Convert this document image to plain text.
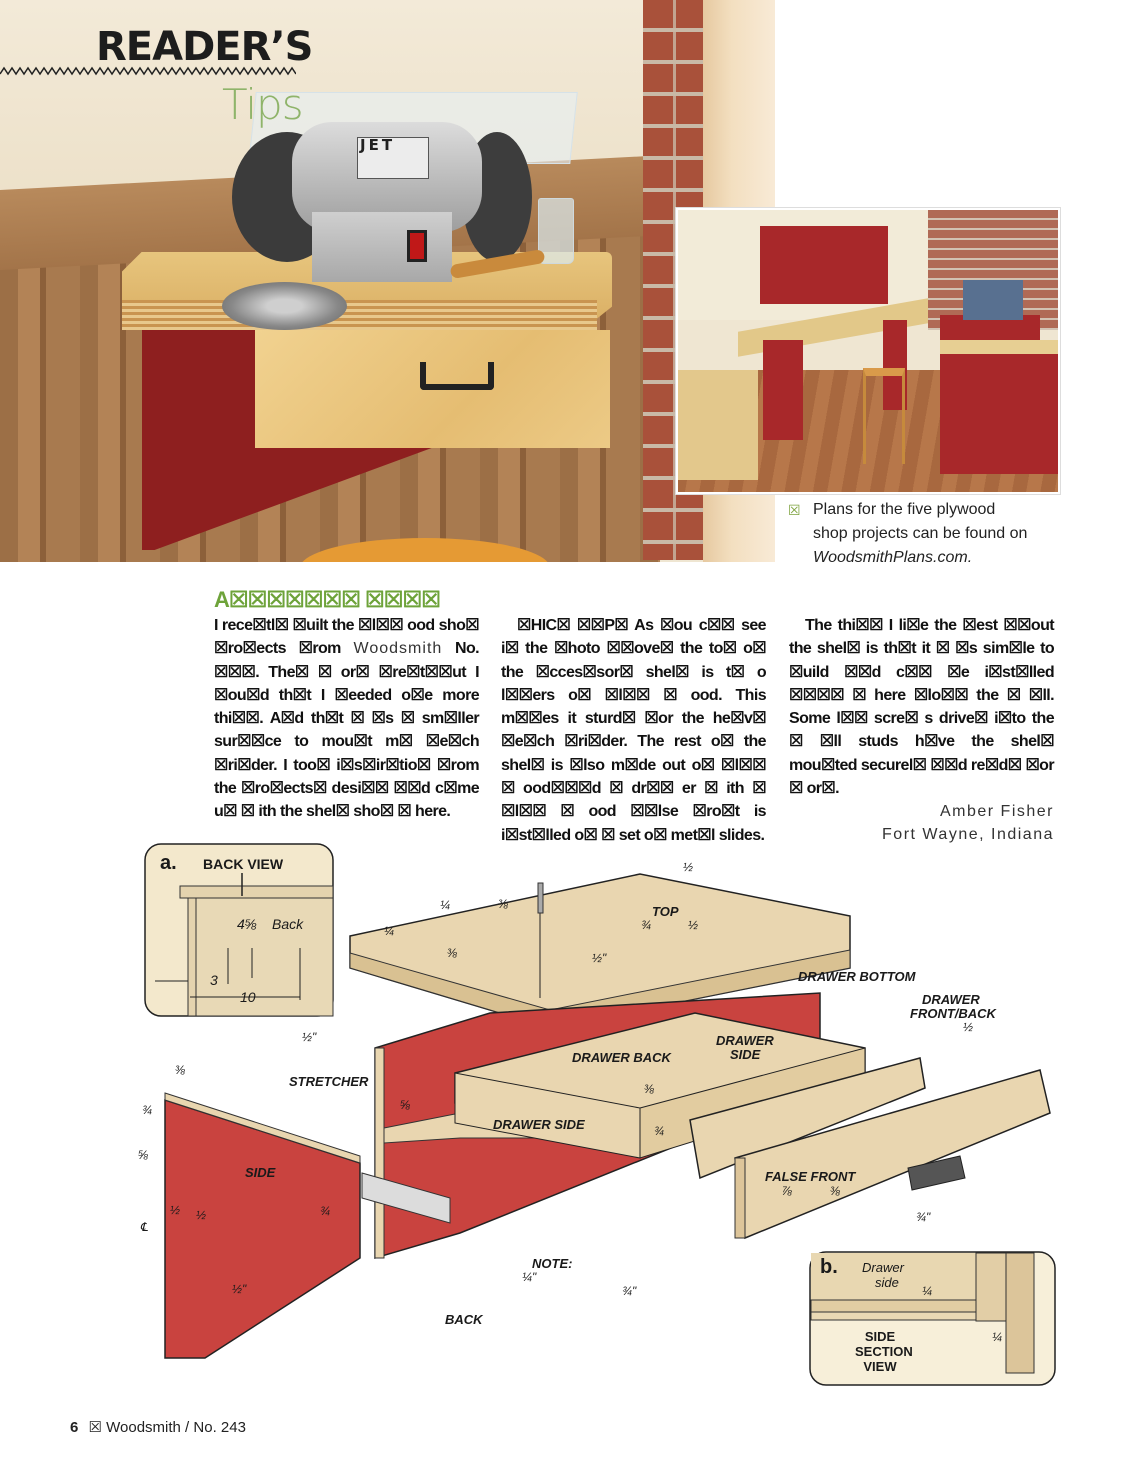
JET
READER’S
Tips
☒ Plans for the five plywood
shop projects can be found on
WoodsmithPlans.com.
A☒☒☒☒☒☒☒ ☒☒☒☒
I rece☒tl☒ ☒uilt the ☒l☒☒ ood sho☒ ☒ro☒ects ☒rom Woodsmith No. ☒☒☒. The☒ ☒ or☒ ☒re☒t☒☒ut I ☒ou☒d th☒t I ☒eeded o☒e more thi☒☒. A☒d th☒t ☒ ☒s ☒ sm☒ller sur☒☒ce to mou☒t m☒ ☒e☒ch ☒ri☒der. I too☒ i☒s☒ir☒tio☒ ☒rom the ☒ro☒ects☒ desi☒☒ ☒☒d c☒me u☒ ☒ ith the shel☒ sho☒ ☒ here.
☒HIC☒ ☒☒P☒ As ☒ou c☒☒ see i☒ the ☒hoto ☒☒ove☒ the to☒ o☒ the ☒cces☒sor☒ shel☒ is t☒ o l☒☒ers o☒ ☒l☒☒ ☒ ood. This m☒☒es it sturd☒ ☒or the he☒v☒ ☒e☒ch ☒ri☒der. The rest o☒ the shel☒ is ☒lso m☒de out o☒ ☒l☒☒ ☒ ood☒☒☒d ☒ dr☒☒ er ☒ ith ☒ ☒l☒☒ ☒ ood ☒☒lse ☒ro☒t is i☒st☒lled o☒ ☒ set o☒ met☒l slides.
The thi☒☒ I li☒e the ☒est ☒☒out the shel☒ is th☒t it ☒ ☒s sim☒le to ☒uild ☒☒d c☒☒ ☒e i☒st☒lled ☒☒☒☒ ☒ here ☒lo☒☒ the ☒ ☒ll. Some l☒☒ scre☒ s drive☒ i☒to the ☒ ☒ll studs h☒ve the shel☒ mou☒ted securel☒ ☒☒d re☒d☒ ☒or ☒ or☒.
Amber Fisher
Fort Wayne, Indiana
a. BACK VIEW
4⅝ Back
3
10
TOP
½
¼	⅜
¼
⅜	½"
¾	½
DRAWER BOTTOM
DRAWER
FRONT/BACK
½
DRAWER BACK
DRAWER
SIDE
DRAWER SIDE
⅜
¾
½"
STRETCHER
⅝
⅜
¾
⅝
SIDE
½ ½
℄
¾
½"
FALSE FRONT
⅞	⅜
¾"
NOTE:
¼"
¾"
BACK
b. Drawer
side
¼
¼
SIDE
SECTION
VIEW
6 ☒ Woodsmith / No. 243
